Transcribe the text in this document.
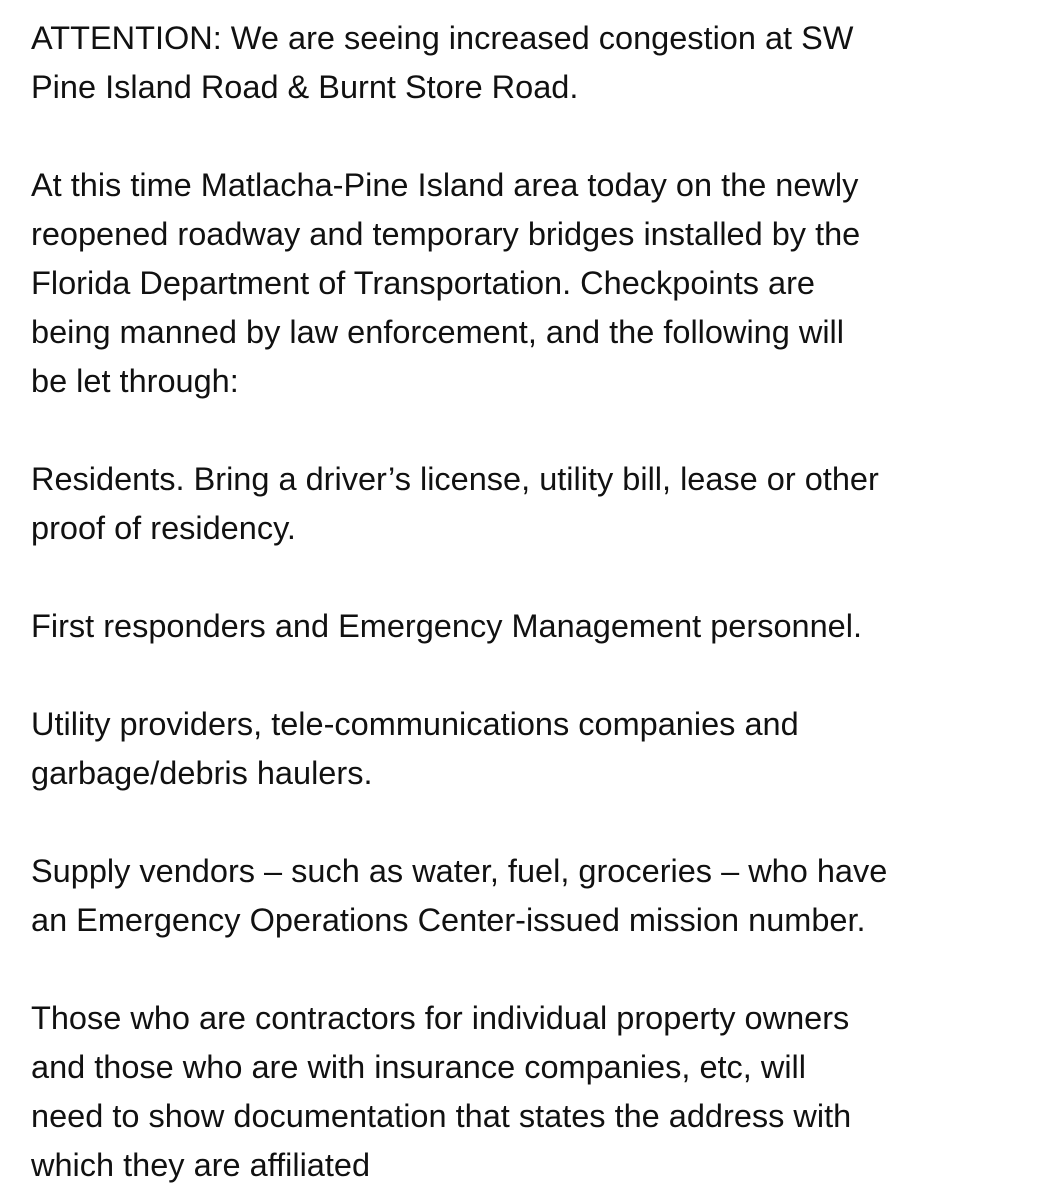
ATTENTION: We are seeing increased congestion at SW
Pine Island Road & Burnt Store Road.

At this time Matlacha-Pine Island area today on the newly
reopened roadway and temporary bridges installed by the
Florida Department of Transportation. Checkpoints are
being manned by law enforcement, and the following will
be let through:

Residents. Bring a driver’s license, utility bill, lease or other
proof of residency.

First responders and Emergency Management personnel.

Utility providers, tele-communications companies and
garbage/debris haulers.

Supply vendors – such as water, fuel, groceries – who have
an Emergency Operations Center-issued mission number.

Those who are contractors for individual property owners
and those who are with insurance companies, etc, will
need to show documentation that states the address with
which they are affiliated
